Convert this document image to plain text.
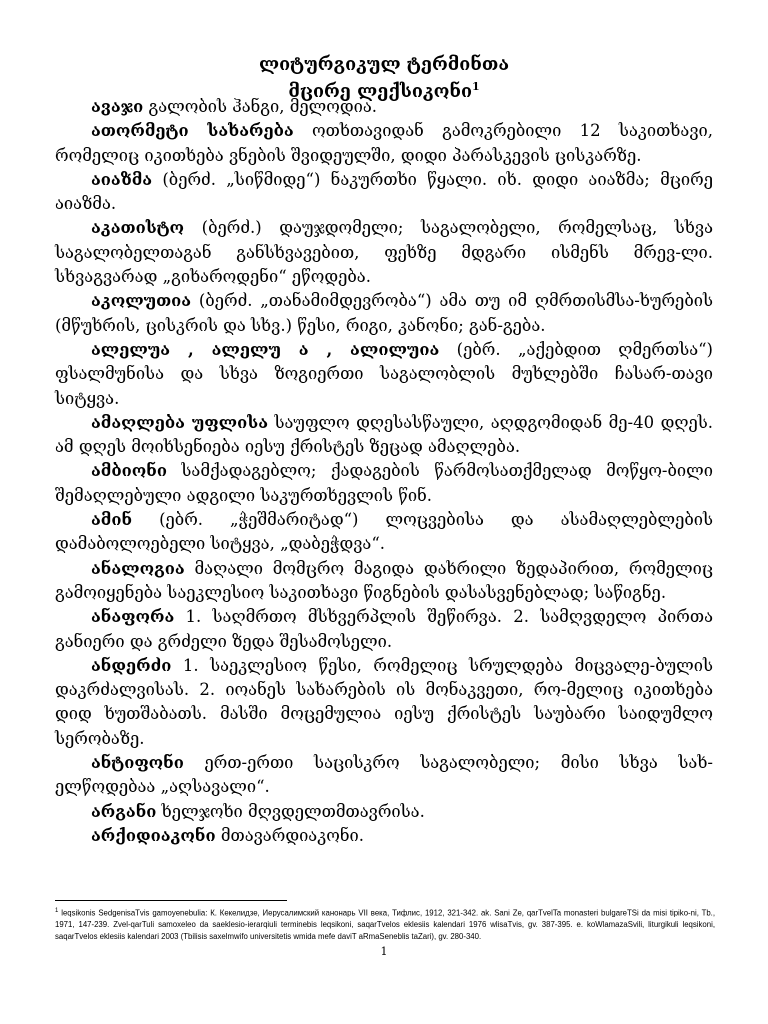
ლიტურგიკულ ტერმინთა
მცირე ლექსიკონი$^1$

ავაჯი გალობის ჰანგი, მელოდია.

ათორმეტი სახარება ოთხთავიდან გამოკრებილი 12 საკითხავი, რომელიც იკითხება ვნების შვიდეულში, დიდი პარასკევის ცისკარზე.

აიაზმა (ბერძ. „სიწმიდე“) ნაკურთხი წყალი. იხ. დიდი აიაზმა; მცირე აიაზმა.

აკათისტო (ბერძ.) დაუჯდომელი; საგალობელი, რომელსაც, სხვა საგალობელთაგან განსხვავებით, ფეხზე მდგარი ისმენს მრევ-ლი. სხვაგვარად „გიხაროდენი“ ეწოდება.

აკოლუთია (ბერძ. „თანამიმდევრობა“) ამა თუ იმ ღმრთისმსა-ხურების (მწუხრის, ცისკრის და სხვ.) წესი, რიგი, კანონი; გან-გება.

ალელუა , ალელუ ა , ალილუია (ებრ. „აქებდით ღმერთსა“) ფსალმუნისა და სხვა ზოგიერთი საგალობლის მუხლებში ჩასარ-თავი სიტყვა.

ამაღლება უფლისა საუფლო დღესასწაული, აღდგომიდან მე-40 დღეს. ამ დღეს მოიხსენიება იესუ ქრისტეს ზეცად ამაღლება.

ამბიონი სამქადაგებლო; ქადაგების წარმოსათქმელად მოწყო-ბილი შემაღლებული ადგილი საკურთხევლის წინ.

ამინ (ებრ. „ჭეშმარიტად“) ლოცვებისა და ასამაღლებლების დამაბოლოებელი სიტყვა, „დაბეჭდვა“.

ანალოგია მაღალი მომცრო მაგიდა დახრილი ზედაპირით, რომელიც გამოიყენება საეკლესიო საკითხავი წიგნების დასასვენებლად; საწიგნე.

ანაფორა 1. საღმრთო მსხვერპლის შეწირვა. 2. სამღვდელო პირთა განიერი და გრძელი ზედა შესამოსელი.

ანდერძი 1. საეკლესიო წესი, რომელიც სრულდება მიცვალე-ბულის დაკრძალვისას. 2. იოანეს სახარების ის მონაკვეთი, რო-მელიც იკითხება დიდ ხუთშაბათს. მასში მოცემულია იესუ ქრისტეს საუბარი საიდუმლო სერობაზე.

ანტიფონი ერთ-ერთი საცისკრო საგალობელი; მისი სხვა სახ-ელწოდებაა „აღსავალი“.

არგანი ხელჯოხი მღვდელთმთავრისა.

არქიდიაკონი მთავარდიაკონი.

$^1$ leqsikonis SedgenisaTvis gamoyenebulia: К. Кекелидзе, Иерусалимский канонарь VII века, Тифлис, 1912, 321-342. ak. Sani Ze, qarTvelTa monasteri bulgareTSi da misi tipiko-ni, Tb., 1971, 147-239. Zvel-qarTuli samoxeleo da saeklesio-ierarqiuli terminebis leqsikoni, saqarTvelos eklesiis kalendari 1976 wlisaTvis, gv. 387-395. e. koWlamazaSvili, liturgikuli leqsikoni, saqarTvelos eklesiis kalendari 2003 (Tbilisis saxelmwifo universitetis wmida mefe daviT aRmaSeneblis taZari), gv. 280-340.
1
